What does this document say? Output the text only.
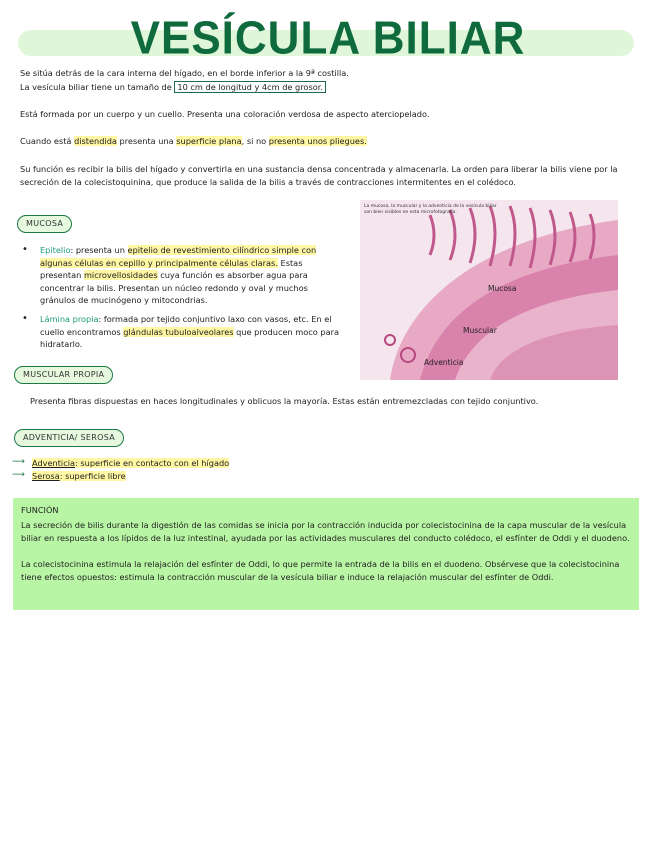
VESÍCULA BILIAR
Se sitúa detrás de la cara interna del hígado, en el borde inferior a la 9ª costilla.
La vesícula biliar tiene un tamaño de 10 cm de longitud y 4cm de grosor.
Está formada por un cuerpo y un cuello. Presenta una coloración verdosa de aspecto aterciopelado.
Cuando está distendida presenta una superficie plana, si no presenta unos pliegues.
Su función es recibir la bilis del hígado y convertirla en una sustancia densa concentrada y almacenarla. La orden para liberar la bilis viene por la secreción de la colecistoquinina, que produce la salida de la bilis a través de contracciones intermitentes en el colédoco.
MUCOSA
• Epitelio: presenta un epitelio de revestimiento cilíndrico simple con algunas células en cepillo y principalmente células claras. Estas presentan microvellosidades cuya función es absorber agua para concentrar la bilis. Presentan un núcleo redondo y oval y muchos gránulos de mucinógeno y mitocondrias.
• Lámina propia: formada por tejido conjuntivo laxo con vasos, etc. En el cuello encontramos glándulas tubuloalveolares que producen moco para hidratarlo.
La mucosa, la muscular y la adventicia de la vesícula biliar son bien visibles en esta microfotografía.
Mucosa
Muscular
Adventicia
MUSCULAR PROPIA
Presenta fibras dispuestas en haces longitudinales y oblicuos la mayoría. Estas están entremezcladas con tejido conjuntivo.
ADVENTICIA/ SEROSA
⟶ Adventicia: superficie en contacto con el hígado
⟶ Serosa: superficie libre
FUNCIÓN
La secreción de bilis durante la digestión de las comidas se inicia por la contracción inducida por colecistocinina de la capa muscular de la vesícula biliar en respuesta a los lípidos de la luz intestinal, ayudada por las actividades musculares del conducto colédoco, el esfínter de Oddi y el duodeno.
La colecistocinina estimula la relajación del esfínter de Oddi, lo que permite la entrada de la bilis en el duodeno. Obsérvese que la colecistocinina tiene efectos opuestos: estimula la contracción muscular de la vesícula biliar e induce la relajación muscular del esfínter de Oddi.
